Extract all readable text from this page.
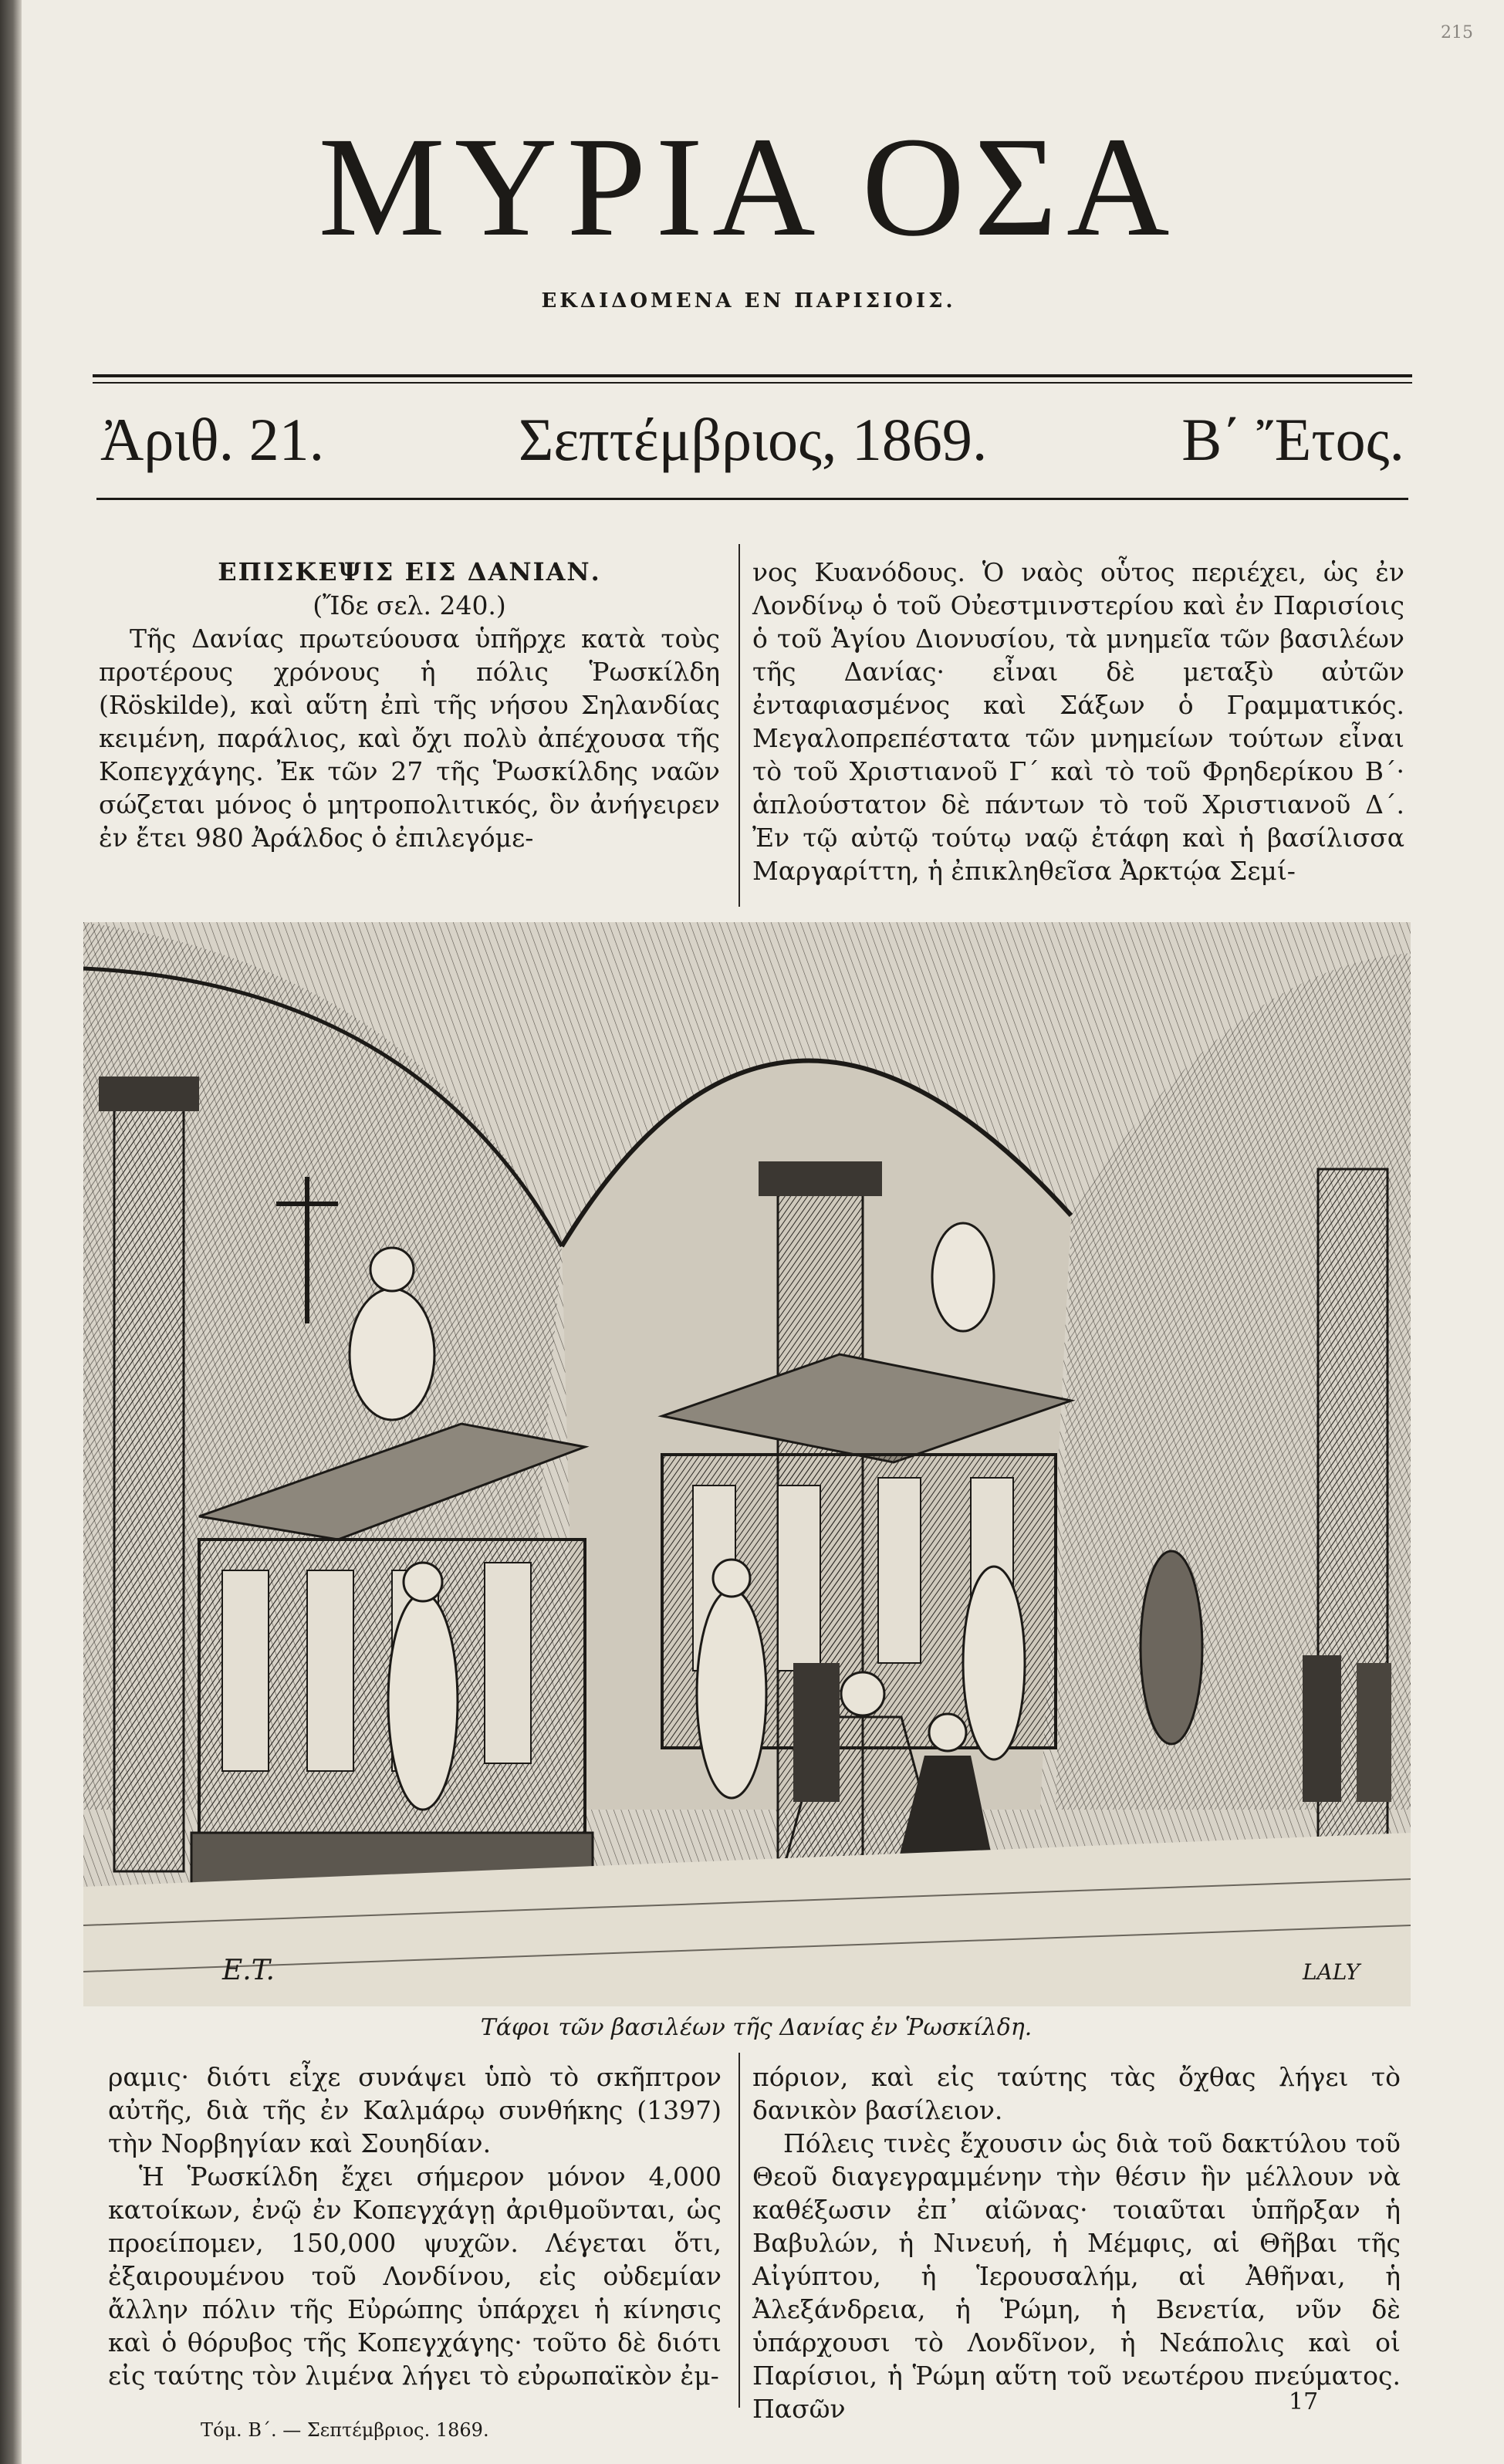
215
ΜΥΡΙΑ ΟΣΑ
ΕΚΔΙΔΟΜΕΝΑ ΕΝ ΠΑΡΙΣΙΟΙΣ.
Ἀριθ. 21.	Σεπτέμβριος, 1869.	Β΄ Ἔτος.

ΕΠΙΣΚΕΨΙΣ ΕΙΣ ΔΑΝΙΑΝ.

(Ἴδε σελ. 240.)

Τῆς Δανίας πρωτεύουσα ὑπῆρχε κατὰ τοὺς προτέρους χρόνους ἡ πόλις Ῥωσκίλδη (Röskilde), καὶ αὕτη ἐπὶ τῆς νήσου Σηλανδίας κειμένη, παράλιος, καὶ ὄχι πολὺ ἀπέχουσα τῆς Κοπεγχάγης. Ἐκ τῶν 27 τῆς Ῥωσκίλδης ναῶν σώζεται μόνος ὁ μητροπολιτικός, ὃν ἀνήγειρεν ἐν ἔτει 980 Ἀράλδος ὁ ἐπιλεγόμε-

νος Κυανόδους. Ὁ ναὸς οὗτος περιέχει, ὡς ἐν Λονδίνῳ ὁ τοῦ Οὐεστμινστερίου καὶ ἐν Παρισίοις ὁ τοῦ Ἁγίου Διονυσίου, τὰ μνημεῖα τῶν βασιλέων τῆς Δανίας· εἶναι δὲ μεταξὺ αὐτῶν ἐνταφιασμένος καὶ Σάξων ὁ Γραμματικός. Μεγαλοπρεπέστατα τῶν μνημείων τούτων εἶναι τὸ τοῦ Χριστιανοῦ Γ΄ καὶ τὸ τοῦ Φρηδερίκου Β΄· ἁπλούστατον δὲ πάντων τὸ τοῦ Χριστιανοῦ Δ΄. Ἐν τῷ αὐτῷ τούτῳ ναῷ ἐτάφη καὶ ἡ βασίλισσα Μαργαρίττη, ἡ ἐπικληθεῖσα Ἀρκτῴα Σεμί-

E.T.	LALY
Τάφοι τῶν βασιλέων τῆς Δανίας ἐν Ῥωσκίλδη.

ραμις· διότι εἶχε συνάψει ὑπὸ τὸ σκῆπτρον αὐτῆς, διὰ τῆς ἐν Καλμάρῳ συνθήκης (1397) τὴν Νορβηγίαν καὶ Σουηδίαν.

Ἡ Ῥωσκίλδη ἔχει σήμερον μόνον 4,000 κατοίκων, ἐνῷ ἐν Κοπεγχάγῃ ἀριθμοῦνται, ὡς προείπομεν, 150,000 ψυχῶν. Λέγεται ὅτι, ἐξαιρουμένου τοῦ Λονδίνου, εἰς οὐδεμίαν ἄλλην πόλιν τῆς Εὐρώπης ὑπάρχει ἡ κίνησις καὶ ὁ θόρυβος τῆς Κοπεγχάγης· τοῦτο δὲ διότι εἰς ταύτης τὸν λιμένα λήγει τὸ εὐρωπαϊκὸν ἐμ-

πόριον, καὶ εἰς ταύτης τὰς ὄχθας λήγει τὸ δανικὸν βασίλειον.

Πόλεις τινὲς ἔχουσιν ὡς διὰ τοῦ δακτύλου τοῦ Θεοῦ διαγεγραμμένην τὴν θέσιν ἣν μέλλουν νὰ καθέξωσιν ἐπ᾽ αἰῶνας· τοιαῦται ὑπῆρξαν ἡ Βαβυλών, ἡ Νινευή, ἡ Μέμφις, αἱ Θῆβαι τῆς Αἰγύπτου, ἡ Ἱερουσαλήμ, αἱ Ἀθῆναι, ἡ Ἀλεξάνδρεια, ἡ Ῥώμη, ἡ Βενετία, νῦν δὲ ὑπάρχουσι τὸ Λονδῖνον, ἡ Νεάπολις καὶ οἱ Παρίσιοι, ἡ Ῥώμη αὕτη τοῦ νεωτέρου πνεύματος. Πασῶν

Τόμ. Β΄. — Σεπτέμβριος. 1869.
17
